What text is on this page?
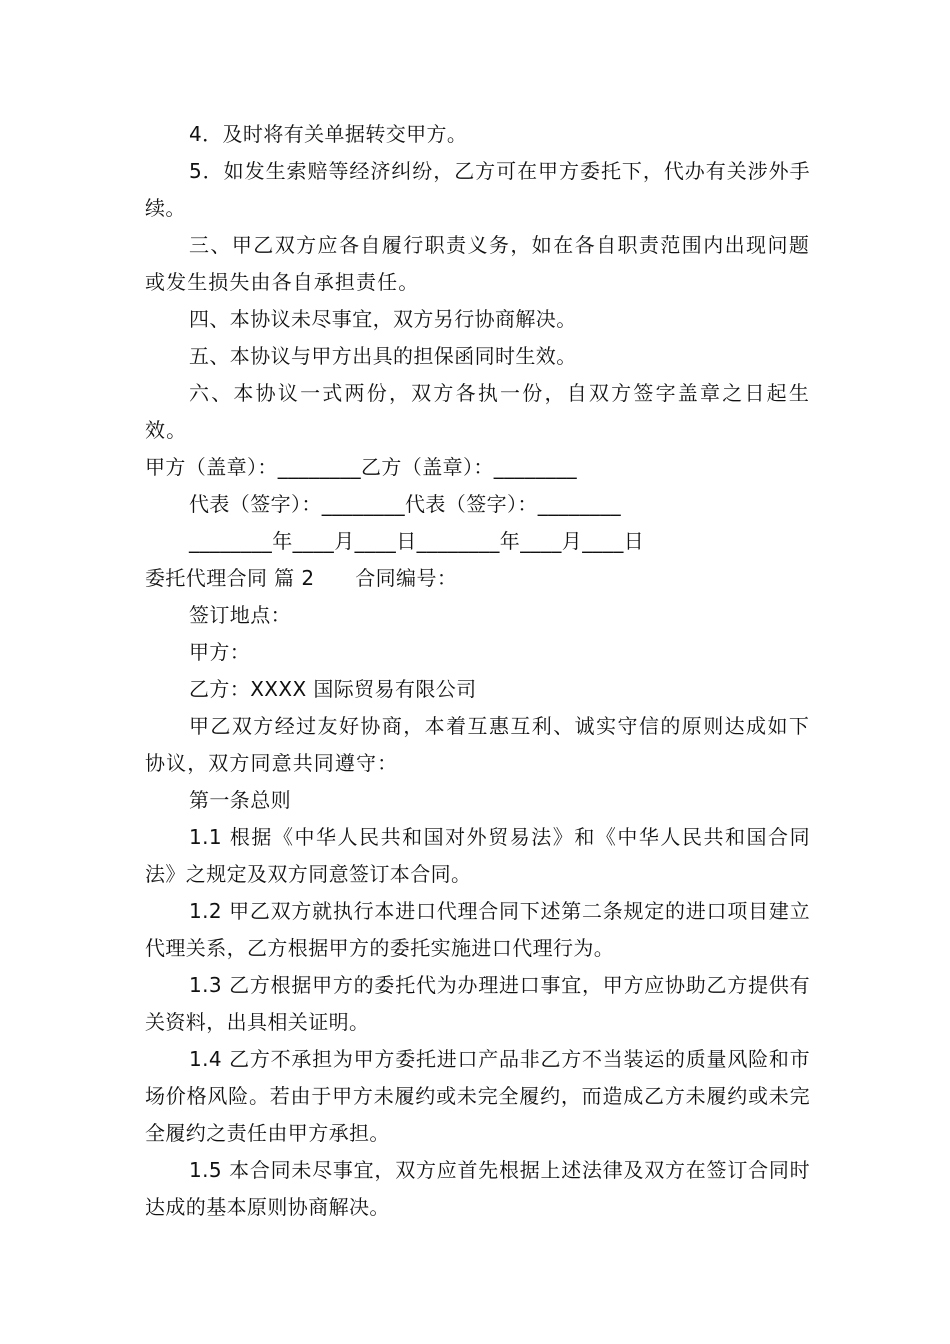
4．及时将有关单据转交甲方。

5．如发生索赔等经济纠纷，乙方可在甲方委托下，代办有关涉外手续。

三、甲乙双方应各自履行职责义务，如在各自职责范围内出现问题或发生损失由各自承担责任。

四、本协议未尽事宜，双方另行协商解决。

五、本协议与甲方出具的担保函同时生效。

六、本协议一式两份，双方各执一份，自双方签字盖章之日起生效。

甲方（盖章）：________乙方（盖章）：________

代表（签字）：________代表（签字）：________

________年____月____日________年____月____日

委托代理合同 篇 2　　合同编号：

签订地点：

甲方：

乙方：XXXX 国际贸易有限公司

甲乙双方经过友好协商，本着互惠互利、诚实守信的原则达成如下协议，双方同意共同遵守：

第一条总则

1.1 根据《中华人民共和国对外贸易法》和《中华人民共和国合同法》之规定及双方同意签订本合同。

1.2 甲乙双方就执行本进口代理合同下述第二条规定的进口项目建立代理关系，乙方根据甲方的委托实施进口代理行为。

1.3 乙方根据甲方的委托代为办理进口事宜，甲方应协助乙方提供有关资料，出具相关证明。

1.4 乙方不承担为甲方委托进口产品非乙方不当装运的质量风险和市场价格风险。若由于甲方未履约或未完全履约，而造成乙方未履约或未完全履约之责任由甲方承担。

1.5 本合同未尽事宜，双方应首先根据上述法律及双方在签订合同时达成的基本原则协商解决。
